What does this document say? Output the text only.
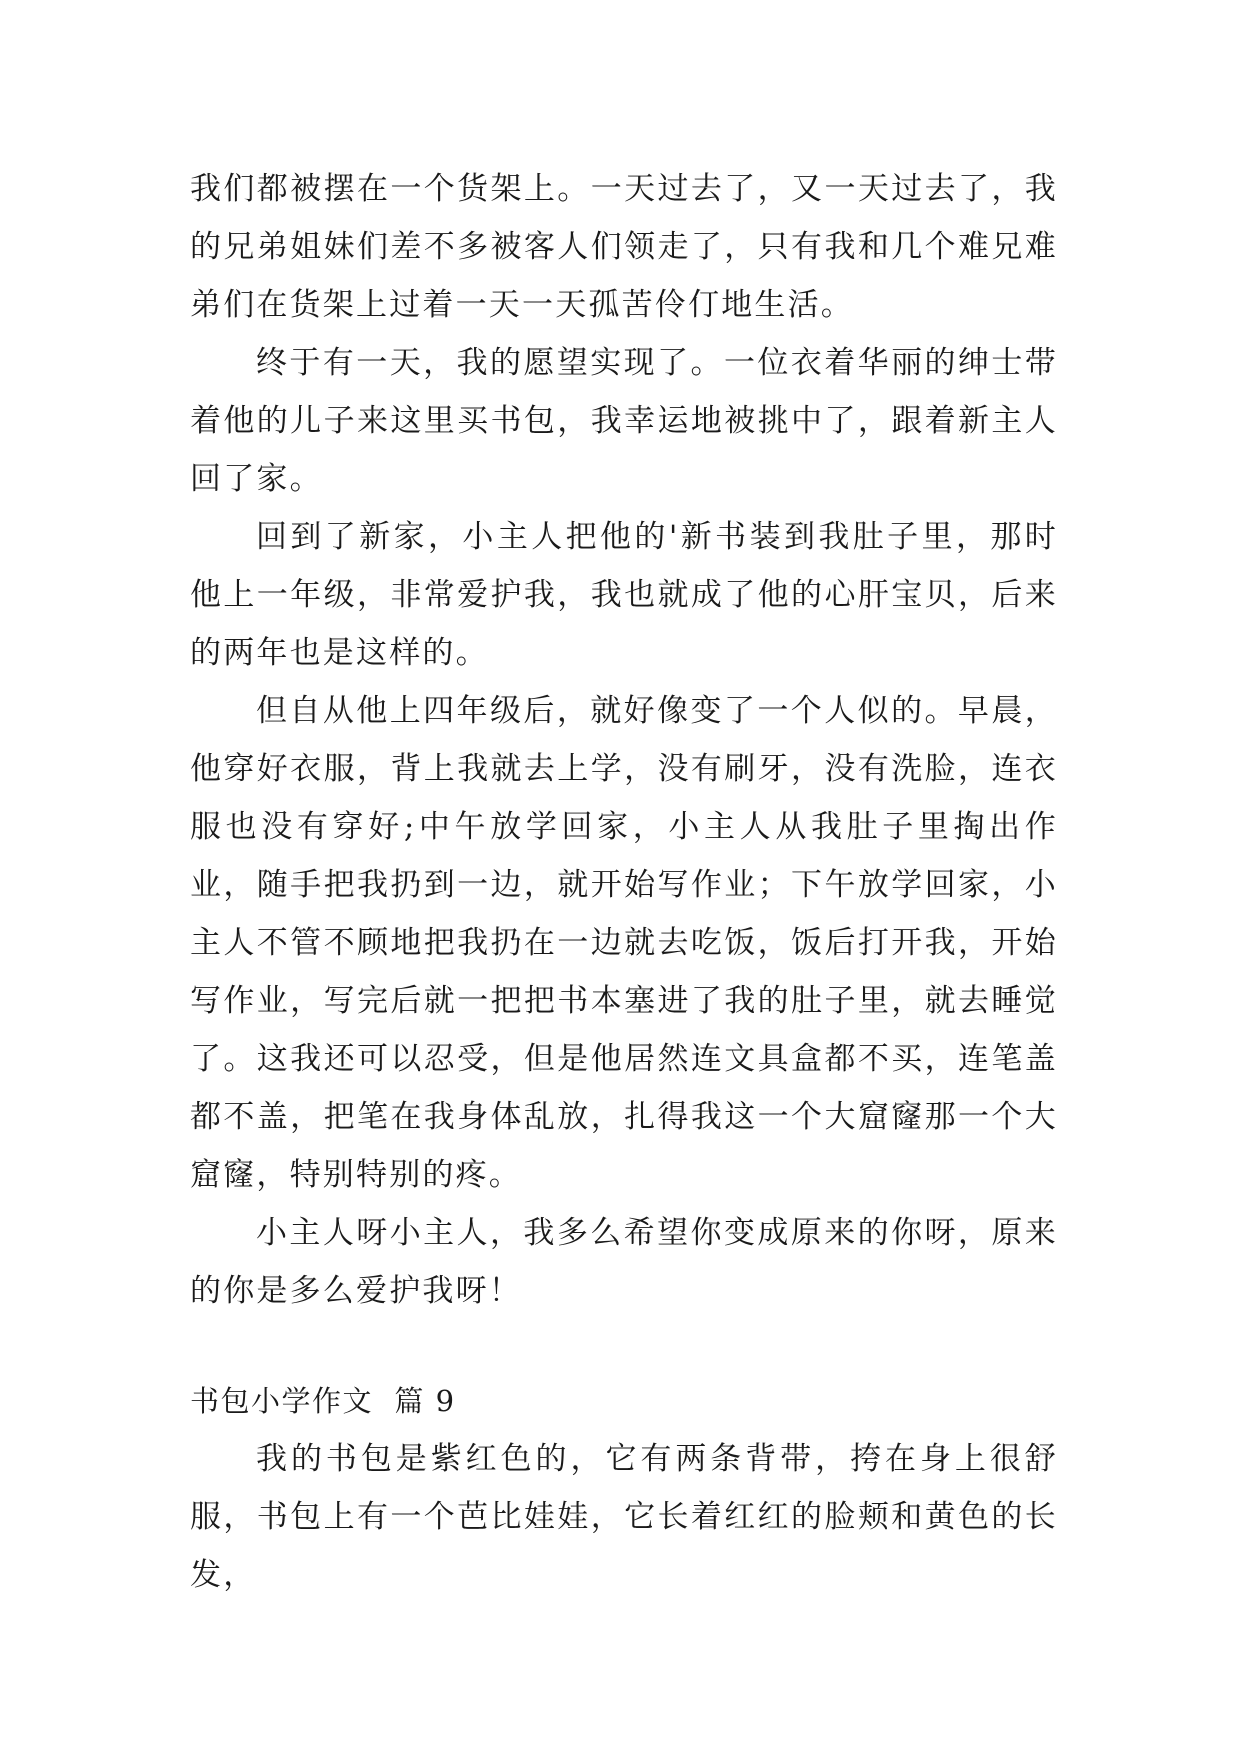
我们都被摆在一个货架上。一天过去了，又一天过去了，我的兄弟姐妹们差不多被客人们领走了，只有我和几个难兄难弟们在货架上过着一天一天孤苦伶仃地生活。

终于有一天，我的愿望实现了。一位衣着华丽的绅士带着他的儿子来这里买书包，我幸运地被挑中了，跟着新主人回了家。

回到了新家，小主人把他的'新书装到我肚子里，那时他上一年级，非常爱护我，我也就成了他的心肝宝贝，后来的两年也是这样的。

但自从他上四年级后，就好像变了一个人似的。早晨，他穿好衣服，背上我就去上学，没有刷牙，没有洗脸，连衣服也没有穿好;中午放学回家，小主人从我肚子里掏出作业，随手把我扔到一边，就开始写作业；下午放学回家，小主人不管不顾地把我扔在一边就去吃饭，饭后打开我，开始写作业，写完后就一把把书本塞进了我的肚子里，就去睡觉了。这我还可以忍受，但是他居然连文具盒都不买，连笔盖都不盖，把笔在我身体乱放，扎得我这一个大窟窿那一个大窟窿，特别特别的疼。

小主人呀小主人，我多么希望你变成原来的你呀，原来的你是多么爱护我呀！

书包小学作文  篇 9

我的书包是紫红色的，它有两条背带，挎在身上很舒服，书包上有一个芭比娃娃，它长着红红的脸颊和黄色的长发，
